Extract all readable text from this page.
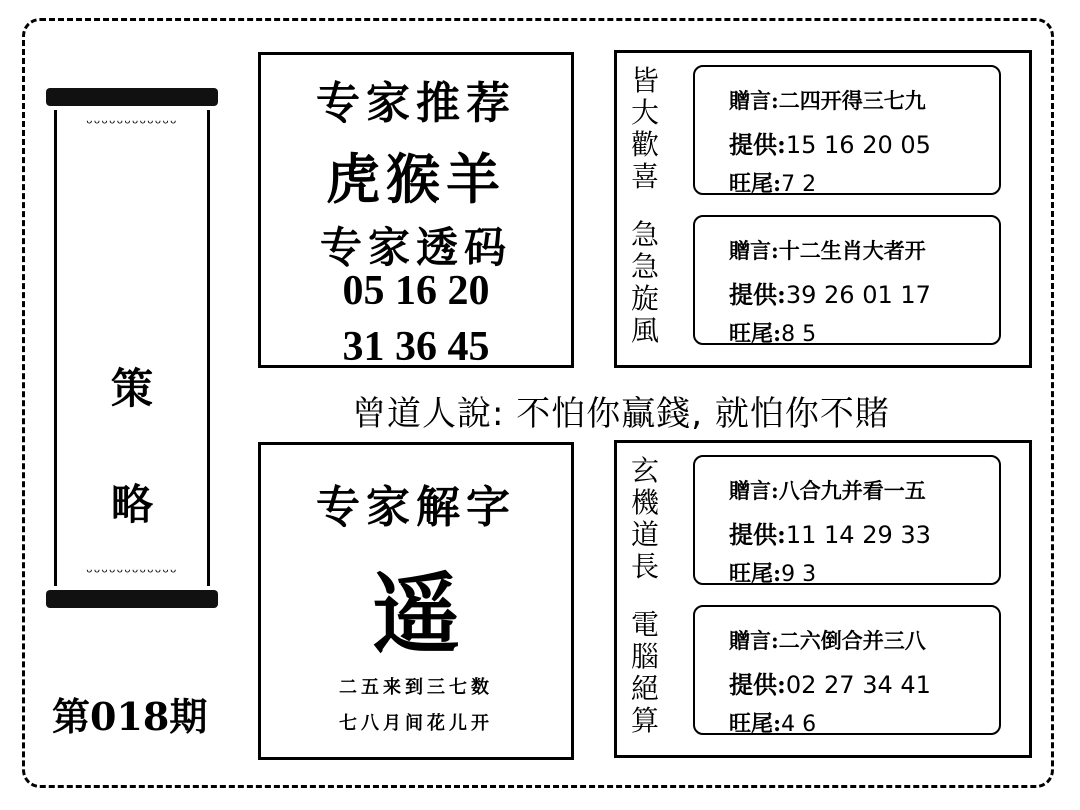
ᵕᵕᵕᵕᵕᵕᵕᵕᵕᵕᵕᵕ
ᵕᵕᵕᵕᵕᵕᵕᵕᵕᵕᵕᵕ
策
略
第018期
专家推荐
虎猴羊
专家透码
05 16 20
31 36 45
皆
大
歡
喜
急
急
旋
風
贈言:二四开得三七九
提供:15 16 20 05
旺尾:7 2
贈言:十二生肖大者开
提供:39 26 01 17
旺尾:8 5
曾道人說: 不怕你贏錢, 就怕你不賭
专家解字
遥
二五来到三七数
七八月间花儿开
玄
機
道
長
電
腦
絕
算
贈言:八合九并看一五
提供:11 14 29 33
旺尾:9 3
贈言:二六倒合并三八
提供:02 27 34 41
旺尾:4 6
